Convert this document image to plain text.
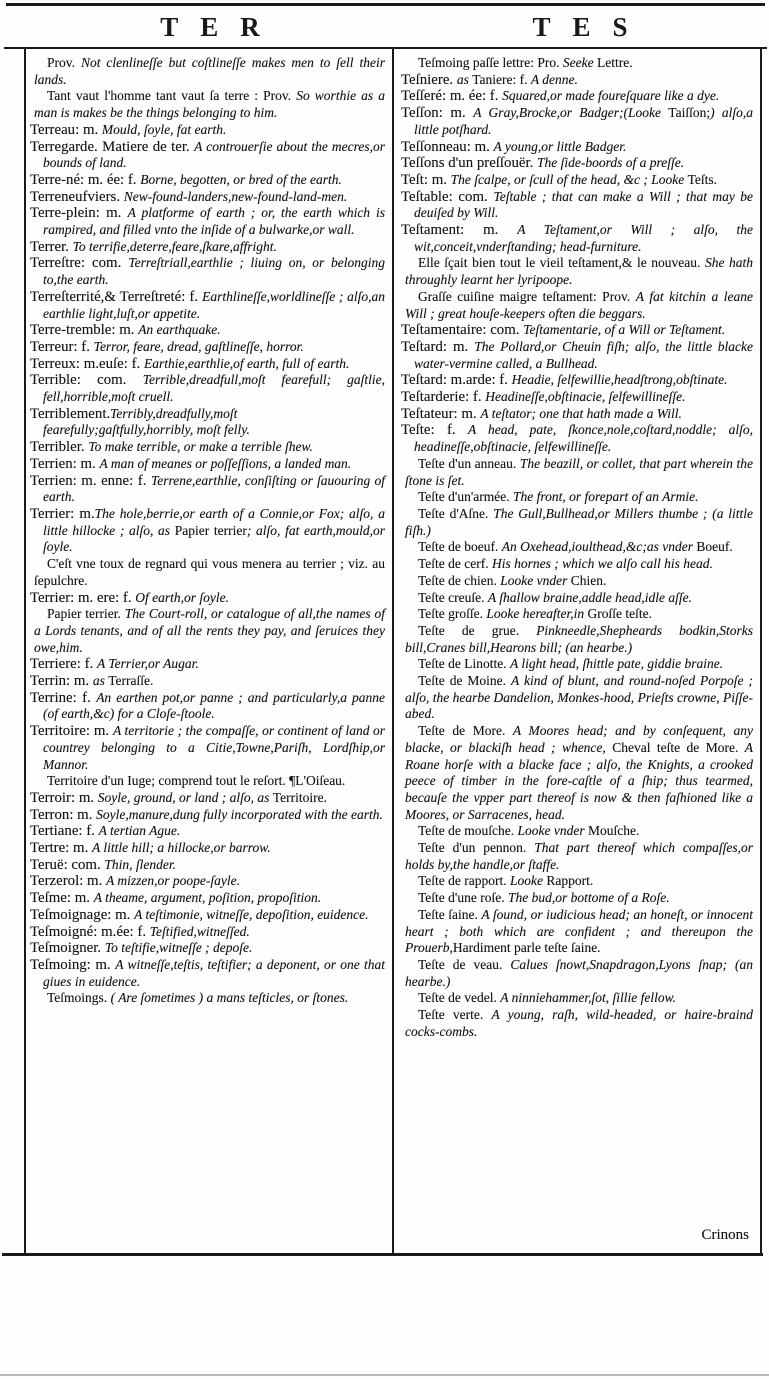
TER	TES
Prov. Not clenlineſſe but coſtlineſſe makes men to ſell their lands.
Tant vaut l'homme tant vaut ſa terre : Prov. So worthie as a man is makes be the things belonging to him.
Terreau: m. Mould, ſoyle, fat earth.
Terregarde. Matiere de ter. A controuerſie about the mecres,or bounds of land.
Terre-né: m. ée: f. Borne, begotten, or bred of the earth.
Terreneufviers. New-found-landers,new-found-land-men.
Terre-plein: m. A platforme of earth ; or, the earth which is rampired, and filled vnto the inſide of a bulwarke,or wall.
Terrer. To terrifie,deterre,feare,ſkare,affright.
Terreſtre: com. Terreſtriall,earthlie ; liuing on, or belonging to,the earth.
Terreſterrité,& Terreſtreté: f. Earthlineſſe,worldlineſſe ; alſo,an earthlie light,luſt,or appetite.
Terre-tremble: m. An earthquake.
Terreur: f. Terror, feare, dread, gaſtlineſſe, horror.
Terreux: m.euſe: f. Earthie,earthlie,of earth, full of earth.
Terrible: com. Terrible,dreadfull,moſt fearefull; gaſtlie, fell,horrible,moſt cruell.
Terriblement.Terribly,dreadfully,moſt fearefully;gaſtfully,horribly, moſt felly.
Terribler. To make terrible, or make a terrible ſhew.
Terrien: m. A man of meanes or poſſeſſions, a landed man.
Terrien: m. enne: f. Terrene,earthlie, conſiſting or ſauouring of earth.
Terrier: m.The hole,berrie,or earth of a Connie,or Fox; alſo, a little hillocke ; alſo, as Papier terrier; alſo, fat earth,mould,or ſoyle.
C'eſt vne toux de regnard qui vous menera au terrier ; viz. au ſepulchre.
Terrier: m. ere: f. Of earth,or ſoyle.
Papier terrier. The Court-roll, or catalogue of all,the names of a Lords tenants, and of all the rents they pay, and ſeruices they owe,him.
Terriere: f. A Terrier,or Augar.
Terrin: m. as Terraſſe.
Terrine: f. An earthen pot,or panne ; and particularly,a panne (of earth,&c) for a Cloſe-ſtoole.
Territoire: m. A territorie ; the compaſſe, or continent of land or countrey belonging to a Citie,Towne,Pariſh, Lordſhip,or Mannor.
Territoire d'un Iuge; comprend tout le reſort. ¶L'Oiſeau.
Terroir: m. Soyle, ground, or land ; alſo, as Territoire.
Terron: m. Soyle,manure,dung fully incorporated with the earth.
Tertiane: f. A tertian Ague.
Tertre: m. A little hill; a hillocke,or barrow.
Teruë: com. Thin, ſlender.
Terzerol: m. A mizzen,or poope-ſayle.
Teſme: m. A theame, argument, poſition, propoſition.
Teſmoignage: m. A teſtimonie, witneſſe, depoſition, euidence.
Teſmoigné: m.ée: f. Teſtified,witneſſed.
Teſmoigner. To teſtifie,witneſſe ; depoſe.
Teſmoing: m. A witneſſe,teſtis, teſtifier; a deponent, or one that giues in euidence.
Teſmoings. ( Are ſometimes ) a mans teſticles, or ſtones.
Teſmoing paſſe lettre: Pro. Seeke Lettre.
Teſniere. as Taniere: f. A denne.
Teſſeré: m. ée: f. Squared,or made foureſquare like a dye.
Teſſon: m. A Gray,Brocke,or Badger;(Looke Taiſſon;) alſo,a little potſhard.
Teſſonneau: m. A young,or little Badger.
Teſſons d'un preſſouër. The ſide-boords of a preſſe.
Teſt: m. The ſcalpe, or ſcull of the head, &c ; Looke Teſts.
Teſtable: com. Teſtable ; that can make a Will ; that may be deuiſed by Will.
Teſtament: m. A Teſtament,or Will ; alſo, the wit,conceit,vnderſtanding; head-furniture.
Elle ſçait bien tout le vieil teſtament,& le nouveau. She hath throughly learnt her lyripoope.
Graſſe cuiſine maigre teſtament: Prov. A fat kitchin a leane Will ; great houſe-keepers often die beggars.
Teſtamentaire: com. Teſtamentarie, of a Will or Teſtament.
Teſtard: m. The Pollard,or Cheuin fiſh; alſo, the little blacke water-vermine called, a Bullhead.
Teſtard: m.arde: f. Headie, ſelfewillie,headſtrong,obſtinate.
Teſtarderie: f. Headineſſe,obſtinacie, ſelfewillineſſe.
Teſtateur: m. A teſtator; one that hath made a Will.
Teſte: f. A head, pate, ſkonce,nole,coſtard,noddle; alſo, headineſſe,obſtinacie, ſelfewillineſſe.
Teſte d'un anneau. The beazill, or collet, that part wherein the ſtone is ſet.
Teſte d'un'armée. The front, or forepart of an Armie.
Teſte d'Aſne. The Gull,Bullhead,or Millers thumbe ; (a little fiſh.)
Teſte de boeuf. An Oxehead,ioulthead,&c;as vnder Boeuf.
Teſte de cerf. His hornes ; which we alſo call his head.
Teſte de chien. Looke vnder Chien.
Teſte creuſe. A ſhallow braine,addle head,idle aſſe.
Teſte groſſe. Looke hereafter,in Groſſe teſte.
Teſte de grue. Pinkneedle,Shepheards bodkin,Storks bill,Cranes bill,Hearons bill; (an hearbe.)
Teſte de Linotte. A light head, ſhittle pate, giddie braine.
Teſte de Moine. A kind of blunt, and round-noſed Porpoſe ; alſo, the hearbe Dandelion, Monkes-hood, Prieſts crowne, Piſſe-abed.
Teſte de More. A Moores head; and by conſequent, any blacke, or blackiſh head ; whence, Cheval teſte de More. A Roane horſe with a blacke face ; alſo, the Knights, a crooked peece of timber in the fore-caſtle of a ſhip; thus tearmed, becauſe the vpper part thereof is now & then faſhioned like a Moores, or Sarracenes, head.
Teſte de mouſche. Looke vnder Mouſche.
Teſte d'un pennon. That part thereof which compaſſes,or holds by,the handle,or ſtaffe.
Teſte de rapport. Looke Rapport.
Teſte d'une roſe. The bud,or bottome of a Roſe.
Teſte ſaine. A ſound, or iudicious head; an honeſt, or innocent heart ; both which are confident ; and thereupon the Prouerb,Hardiment parle teſte ſaine.
Teſte de veau. Calues ſnowt,Snapdragon,Lyons ſnap; (an hearbe.)
Teſte de vedel. A ninniehammer,ſot, ſillie fellow.
Teſte verte. A young, raſh, wild-headed, or haire-braind cocks-combs.
Crinons
